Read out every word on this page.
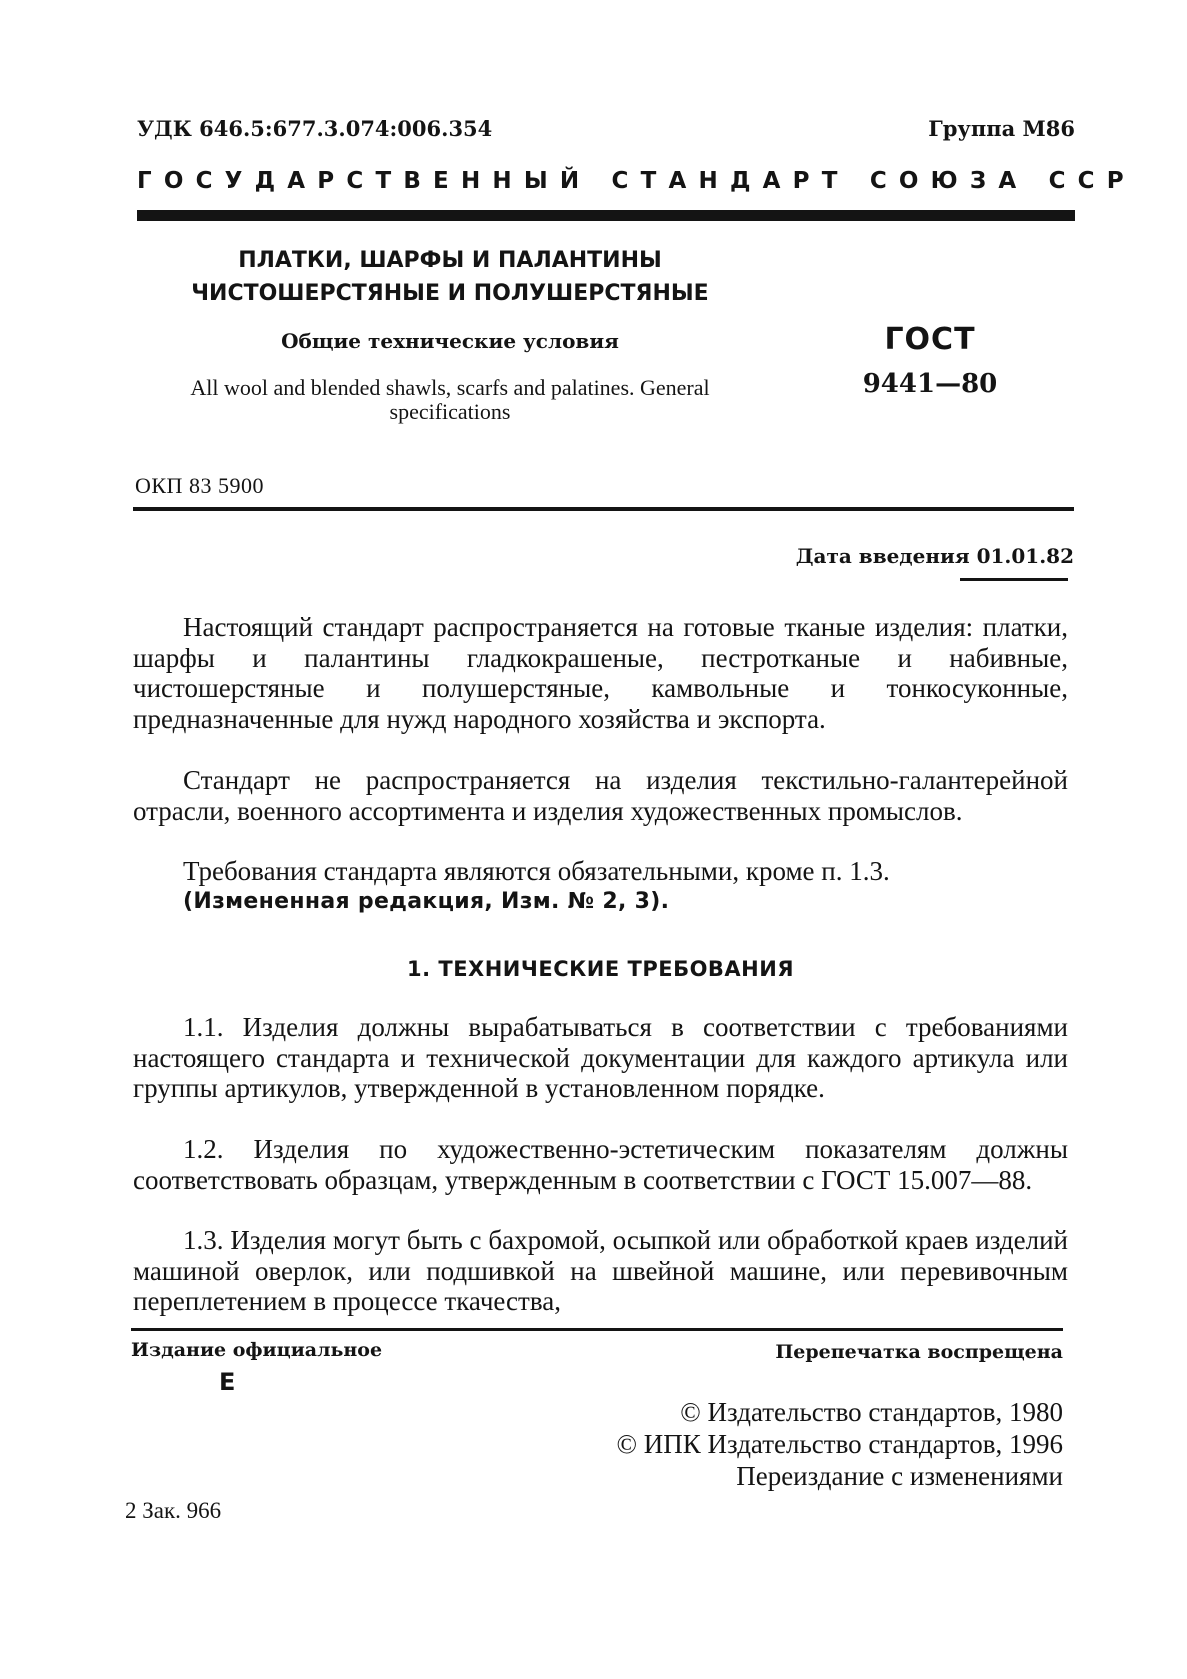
УДК 646.5:677.3.074:006.354	Группа М86
ГОСУДАРСТВЕННЫЙ СТАНДАРТ СОЮЗА ССР
ПЛАТКИ, ШАРФЫ И ПАЛАНТИНЫ
ЧИСТОШЕРСТЯНЫЕ И ПОЛУШЕРСТЯНЫЕ
Общие технические условия
All wool and blended shawls, scarfs and palatines. General specifications
ГОСТ
9441—80
ОКП 83 5900
Дата введения 01.01.82
Настоящий стандарт распространяется на готовые тканые изделия: платки, шарфы и палантины гладкокрашеные, пестротканые и набивные, чистошерстяные и полушерстяные, камвольные и тонкосуконные, предназначенные для нужд народного хозяйства и экспорта.
Стандарт не распространяется на изделия текстильно-галантерейной отрасли, военного ассортимента и изделия художественных промыслов.
Требования стандарта являются обязательными, кроме п. 1.3.
(Измененная редакция, Изм. № 2, 3).
1. ТЕХНИЧЕСКИЕ ТРЕБОВАНИЯ
1.1. Изделия должны вырабатываться в соответствии с требованиями настоящего стандарта и технической документации для каждого артикула или группы артикулов, утвержденной в установленном порядке.
1.2. Изделия по художественно-эстетическим показателям должны соответствовать образцам, утвержденным в соответствии с ГОСТ 15.007—88.
1.3. Изделия могут быть с бахромой, осыпкой или обработкой краев изделий машиной оверлок, или подшивкой на швейной машине, или перевивочным переплетением в процессе ткачества,
Издание официальное	Перепечатка воспрещена
Е
© Издательство стандартов, 1980
© ИПК Издательство стандартов, 1996
Переиздание с изменениями
2 Зак. 966
